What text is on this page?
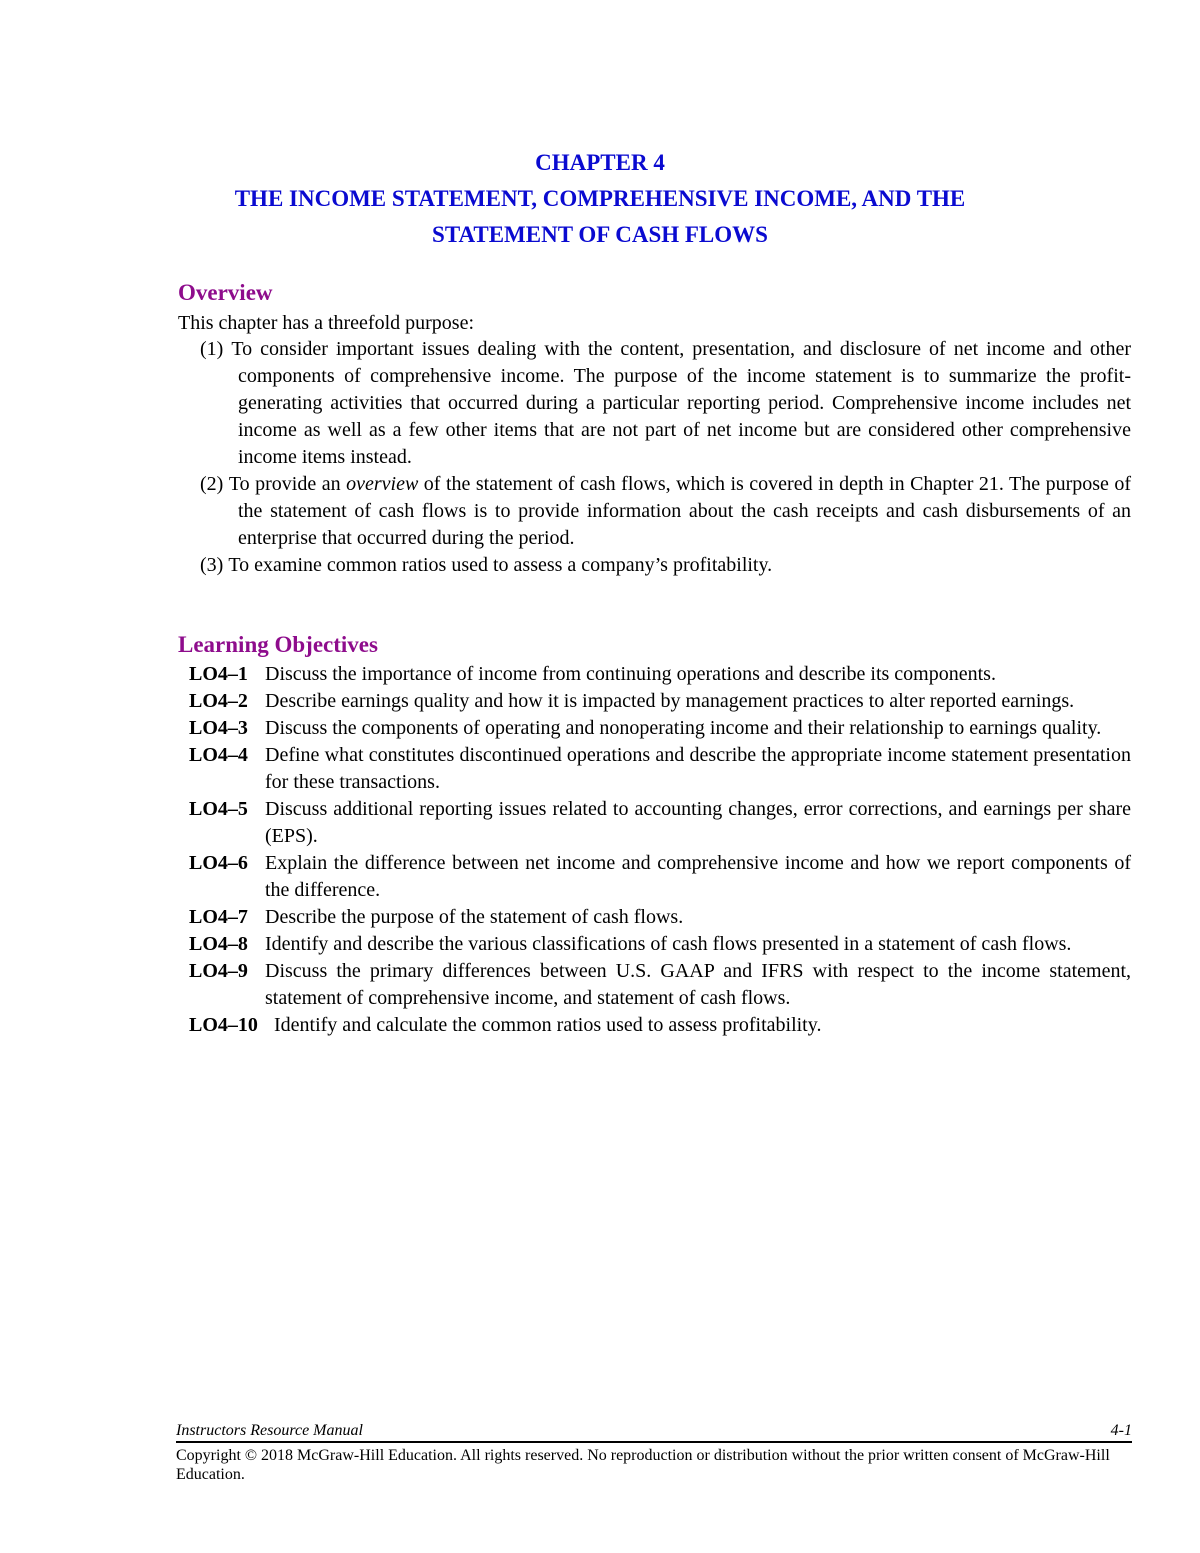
CHAPTER 4
THE INCOME STATEMENT, COMPREHENSIVE INCOME, AND THE
STATEMENT OF CASH FLOWS
Overview
This chapter has a threefold purpose:
(1) To consider important issues dealing with the content, presentation, and disclosure of net income and other components of comprehensive income. The purpose of the income statement is to summarize the profit-generating activities that occurred during a particular reporting period. Comprehensive income includes net income as well as a few other items that are not part of net income but are considered other comprehensive income items instead.
(2) To provide an overview of the statement of cash flows, which is covered in depth in Chapter 21. The purpose of the statement of cash flows is to provide information about the cash receipts and cash disbursements of an enterprise that occurred during the period.
(3) To examine common ratios used to assess a company’s profitability.
Learning Objectives
LO4–1 Discuss the importance of income from continuing operations and describe its components.
LO4–2 Describe earnings quality and how it is impacted by management practices to alter reported earnings.
LO4–3 Discuss the components of operating and nonoperating income and their relationship to earnings quality.
LO4–4 Define what constitutes discontinued operations and describe the appropriate income statement presentation for these transactions.
LO4–5 Discuss additional reporting issues related to accounting changes, error corrections, and earnings per share (EPS).
LO4–6 Explain the difference between net income and comprehensive income and how we report components of the difference.
LO4–7 Describe the purpose of the statement of cash flows.
LO4–8 Identify and describe the various classifications of cash flows presented in a statement of cash flows.
LO4–9 Discuss the primary differences between U.S. GAAP and IFRS with respect to the income statement, statement of comprehensive income, and statement of cash flows.
LO4–10 Identify and calculate the common ratios used to assess profitability.
Instructors Resource Manual	4-1
Copyright © 2018 McGraw-Hill Education. All rights reserved. No reproduction or distribution without the prior written consent of McGraw-Hill Education.
